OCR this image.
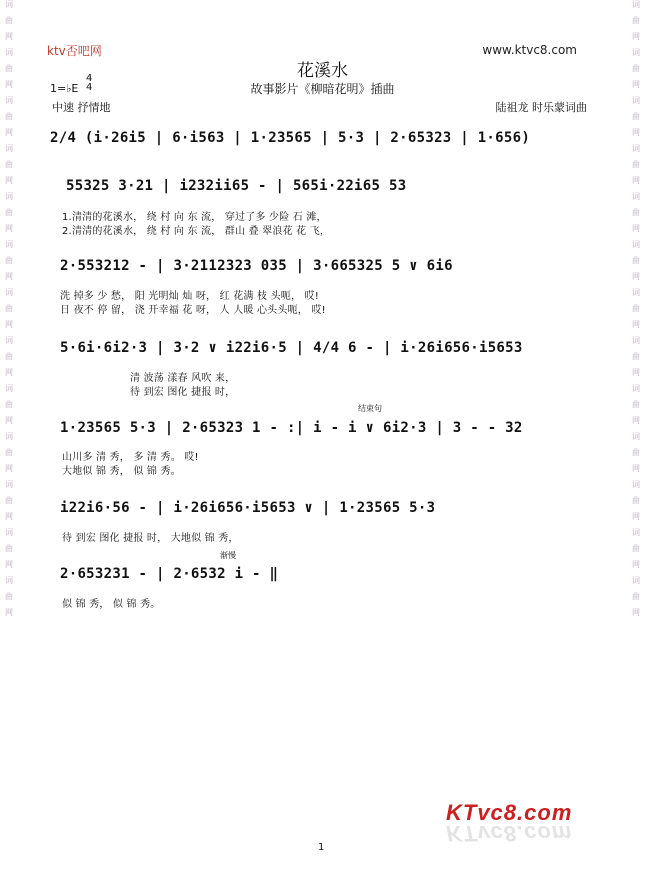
词
曲
网
词
曲
网
词
曲
网
词
曲
网
词
曲
网
词
曲
网
词
曲
网
词
曲
网
词
曲
网
词
曲
网
词
曲
网
词
曲
网
词
曲
网
词
曲
网
词
曲
网
词
曲
网
词
曲
网
词
曲
网
词
曲
网
词
曲
网
词
曲
网
词
曲
网
词
曲
网
词
曲
网
词
曲
网
词
曲
网
ktv否吧网	www.ktvc8.com
花溪水
故事影片《柳暗花明》插曲
1=♭E
4
4
中速 抒情地	陆祖龙 时乐蒙词曲
2/4 (i·26i5 | 6·i563 | 1·23565 | 5·3 | 2·65323 | 1·656)
55325 3·21 | i232ii65 - | 565i·22i65 53
1.清清的花溪水， 绕 村 向 东 流， 穿过了多 少险 石 滩，
2.清清的花溪水， 绕 村 向 东 流， 群山 叠 翠浪花 花 飞，
2·553212 - | 3·2112323 035 | 3·665325 5 ∨ 6i6
洗 掉多 少 愁， 阳 光明灿 灿 呀， 红 花满 枝 头呃， 哎!
日 夜不 停 留， 浇 开幸福 花 呀， 人 人暖 心头头呃， 哎!
5·6i·6i2·3 | 3·2 ∨ i22i6·5 | 4/4 6 - | i·26i656·i5653
清 波荡 漾春 风吹 来，
待 到宏 图化 捷报 时，
结束句
1·23565 5·3 | 2·65323 1 - :| i - i ∨ 6i2·3 | 3 - - 32
山川多 清 秀， 多 清 秀。 哎!
大地似 锦 秀， 似 锦 秀。
i22i6·56 - | i·26i656·i5653 ∨ | 1·23565 5·3
待 到宏 图化 捷报 时， 大地似 锦 秀，
渐慢
2·653231 - | 2·6532 i - ‖
似 锦 秀， 似 锦 秀。
KTvc8.com
KTvc8.com
1
